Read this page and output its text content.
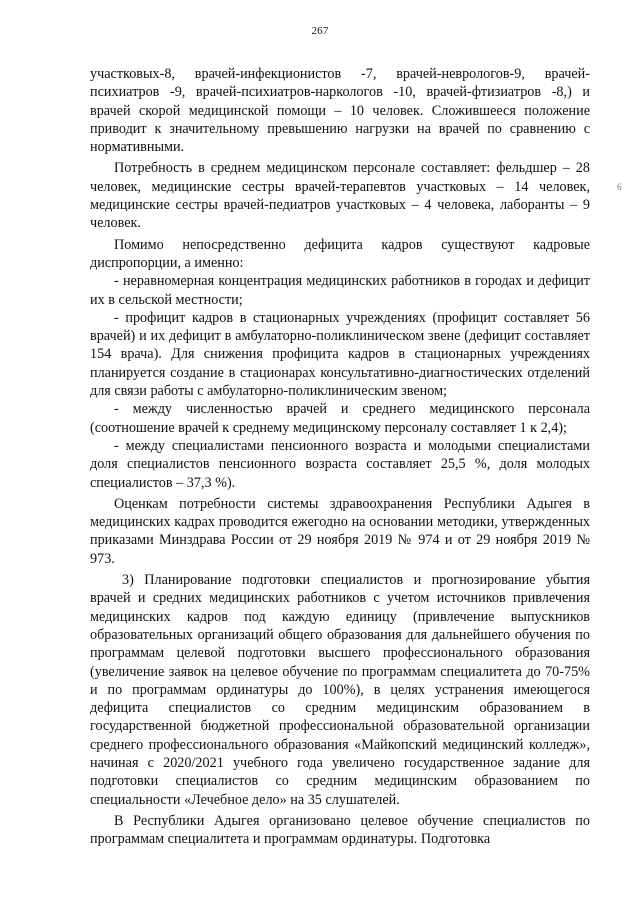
267
6

участковых-8, врачей-инфекционистов -7, врачей-неврологов-9, врачей-психиатров -9, врачей-психиатров-наркологов -10, врачей-фтизиатров -8,) и врачей скорой медицинской помощи – 10 человек. Сложившееся положение приводит к значительному превышению нагрузки на врачей по сравнению с нормативными.

Потребность в среднем медицинском персонале составляет: фельдшер – 28 человек, медицинские сестры врачей-терапевтов участковых – 14 человек, медицинские сестры врачей-педиатров участковых – 4 человека, лаборанты – 9 человек.

Помимо непосредственно дефицита кадров существуют кадровые диспропорции, а именно:

- неравномерная концентрация медицинских работников в городах и дефицит их в сельской местности;

- профицит кадров в стационарных учреждениях (профицит составляет 56 врачей) и их дефицит в амбулаторно-поликлиническом звене (дефицит составляет 154 врача). Для снижения профицита кадров в стационарных учреждениях планируется создание в стационарах консультативно-диагностических отделений для связи работы с амбулаторно-поликлиническим звеном;

- между численностью врачей и среднего медицинского персонала (соотношение врачей к среднему медицинскому персоналу составляет 1 к 2,4);

- между специалистами пенсионного возраста и молодыми специалистами доля специалистов пенсионного возраста составляет 25,5 %, доля молодых специалистов – 37,3 %).

Оценкам потребности системы здравоохранения Республики Адыгея в медицинских кадрах проводится ежегодно на основании методики, утвержденных приказами Минздрава России от 29 ноября 2019 № 974 и от 29 ноября 2019 № 973.

3) Планирование подготовки специалистов и прогнозирование убытия врачей и средних медицинских работников с учетом источников привлечения медицинских кадров под каждую единицу (привлечение выпускников образовательных организаций общего образования для дальнейшего обучения по программам целевой подготовки высшего профессионального образования (увеличение заявок на целевое обучение по программам специалитета до 70-75% и по программам ординатуры до 100%), в целях устранения имеющегося дефицита специалистов со средним медицинским образованием в государственной бюджетной профессиональной образовательной организации среднего профессионального образования «Майкопский медицинский колледж», начиная с 2020/2021 учебного года увеличено государственное задание для подготовки специалистов со средним медицинским образованием по специальности «Лечебное дело» на 35 слушателей.

В Республики Адыгея организовано целевое обучение специалистов по программам специалитета и программам ординатуры. Подготовка
